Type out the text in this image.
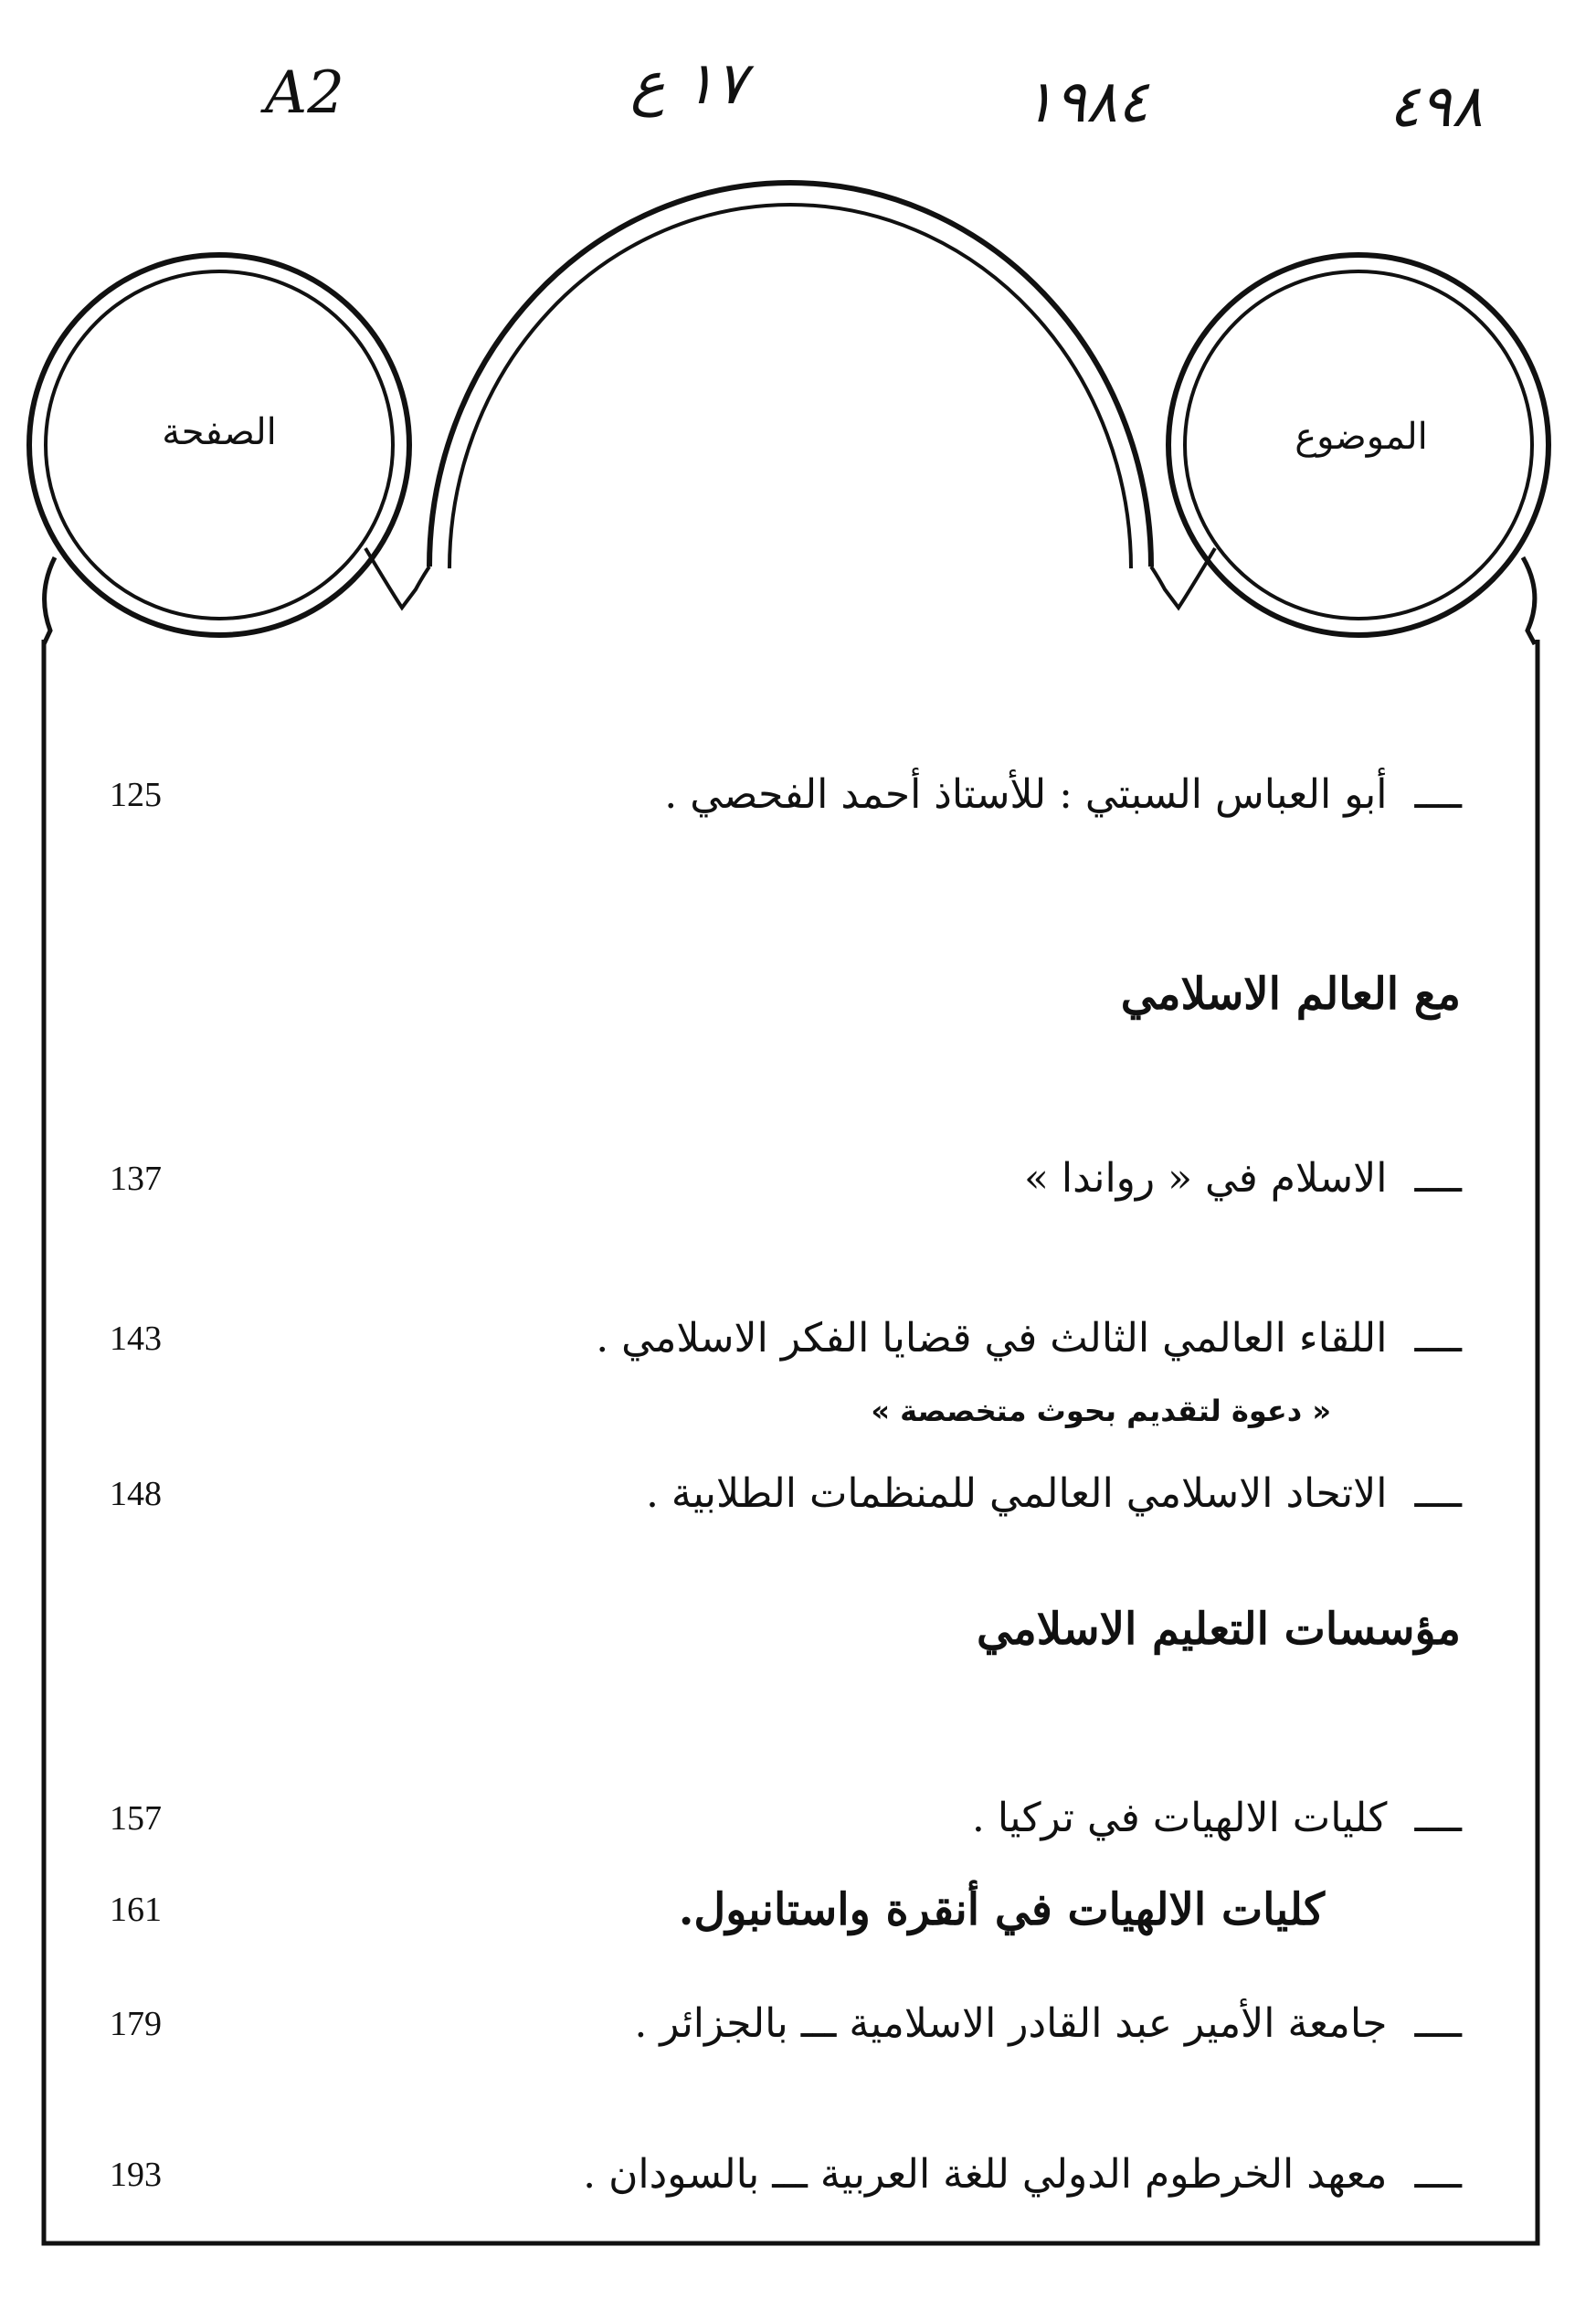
A2	١٧ ع	١٩٨٤	٤٩٨
الصفحة	الموضوع
125	ــــأبو العباس السبتي : للأستاذ أحمد الفحصي .
مع العالم الاسلامي
137	ــــالاسلام في « رواندا »
143	ــــاللقاء العالمي الثالث في قضايا الفكر الاسلامي .
« دعوة لتقديم بحوث متخصصة »
148	ــــالاتحاد الاسلامي العالمي للمنظمات الطلابية .
مؤسسات التعليم الاسلامي
157	ــــكليات الالهيات في تركيا .
161	كليات الالهيات في أنقرة واستانبول.
179	ــــجامعة الأمير عبد القادر الاسلامية ـــ بالجزائر .
193	ــــمعهد الخرطوم الدولي للغة العربية ـــ بالسودان .
